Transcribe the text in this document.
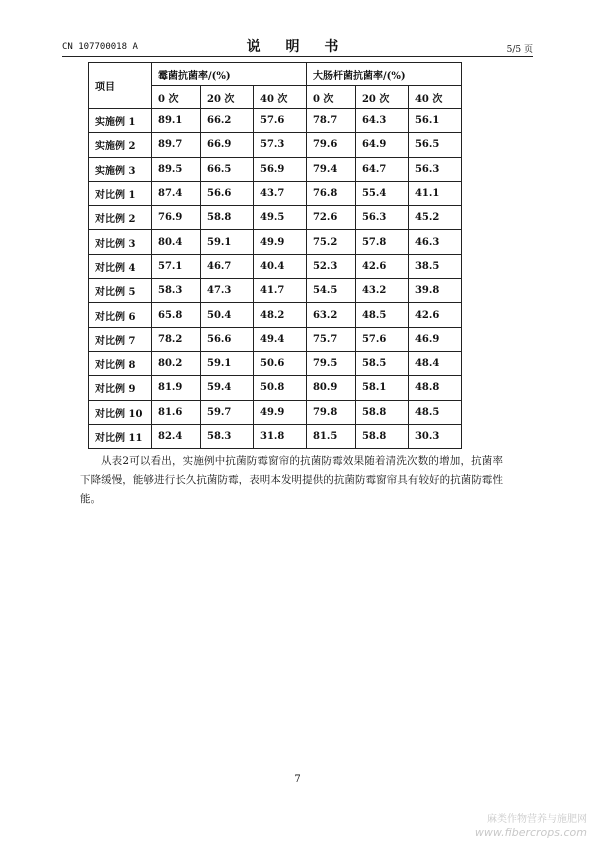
CN 107700018 A	说 明 书	5/5 页
项目	霉菌抗菌率/(%)			大肠杆菌抗菌率/(%)		
	0 次	20 次	40 次	0 次	20 次	40 次
实施例 1	89.1	66.2	57.6	78.7	64.3	56.1
实施例 2	89.7	66.9	57.3	79.6	64.9	56.5
实施例 3	89.5	66.5	56.9	79.4	64.7	56.3
对比例 1	87.4	56.6	43.7	76.8	55.4	41.1
对比例 2	76.9	58.8	49.5	72.6	56.3	45.2
对比例 3	80.4	59.1	49.9	75.2	57.8	46.3
对比例 4	57.1	46.7	40.4	52.3	42.6	38.5
对比例 5	58.3	47.3	41.7	54.5	43.2	39.8
对比例 6	65.8	50.4	48.2	63.2	48.5	42.6
对比例 7	78.2	56.6	49.4	75.7	57.6	46.9
对比例 8	80.2	59.1	50.6	79.5	58.5	48.4
对比例 9	81.9	59.4	50.8	80.9	58.1	48.8
对比例 10	81.6	59.7	49.9	79.8	58.8	48.5
对比例 11	82.4	58.3	31.8	81.5	58.8	30.3
从表2可以看出，实施例中抗菌防霉窗帘的抗菌防霉效果随着清洗次数的增加，抗菌率下降缓慢，能够进行长久抗菌防霉，表明本发明提供的抗菌防霉窗帘具有较好的抗菌防霉性能。
7
麻类作物营养与施肥网
www.fibercrops.com
